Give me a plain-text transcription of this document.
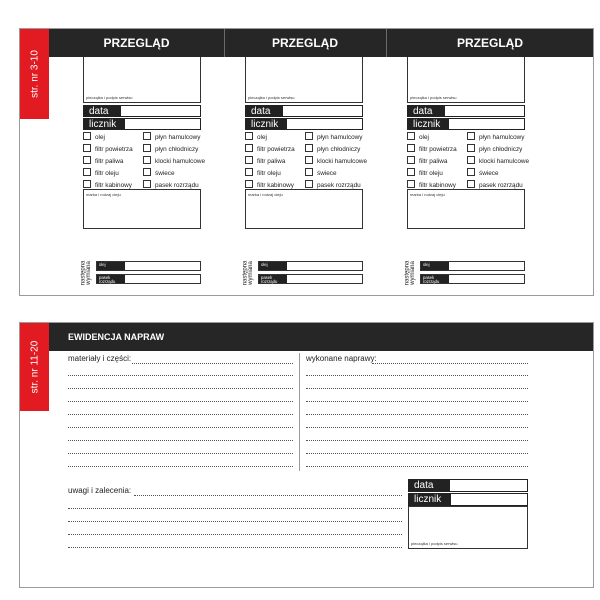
str. nr 3-10
PRZEGLĄD	PRZEGLĄD	PRZEGLĄD
pieczątka i podpis serwisu
data
licznik
olej
filtr powietrza
filtr paliwa
filtr oleju
filtr kabinowy
płyn hamulcowy
płyn chłodniczy
klocki hamulcowe
świece
pasek rozrządu
marka i rodzaj oleju
następna wymiana	olej
pasek rozrządu
pieczątka i podpis serwisu
data
licznik
olej
filtr powietrza
filtr paliwa
filtr oleju
filtr kabinowy
płyn hamulcowy
płyn chłodniczy
klocki hamulcowe
świece
pasek rozrządu
marka i rodzaj oleju
następna wymiana	olej
pasek rozrządu
pieczątka i podpis serwisu
data
licznik
olej
filtr powietrza
filtr paliwa
filtr oleju
filtr kabinowy
płyn hamulcowy
płyn chłodniczy
klocki hamulcowe
świece
pasek rozrządu
marka i rodzaj oleju
następna wymiana	olej
pasek rozrządu
str. nr 11-20
EWIDENCJA NAPRAW
materiały i części:	wykonane naprawy:
uwagi i zalecenia:	data
licznik
pieczątka i podpis serwisu
